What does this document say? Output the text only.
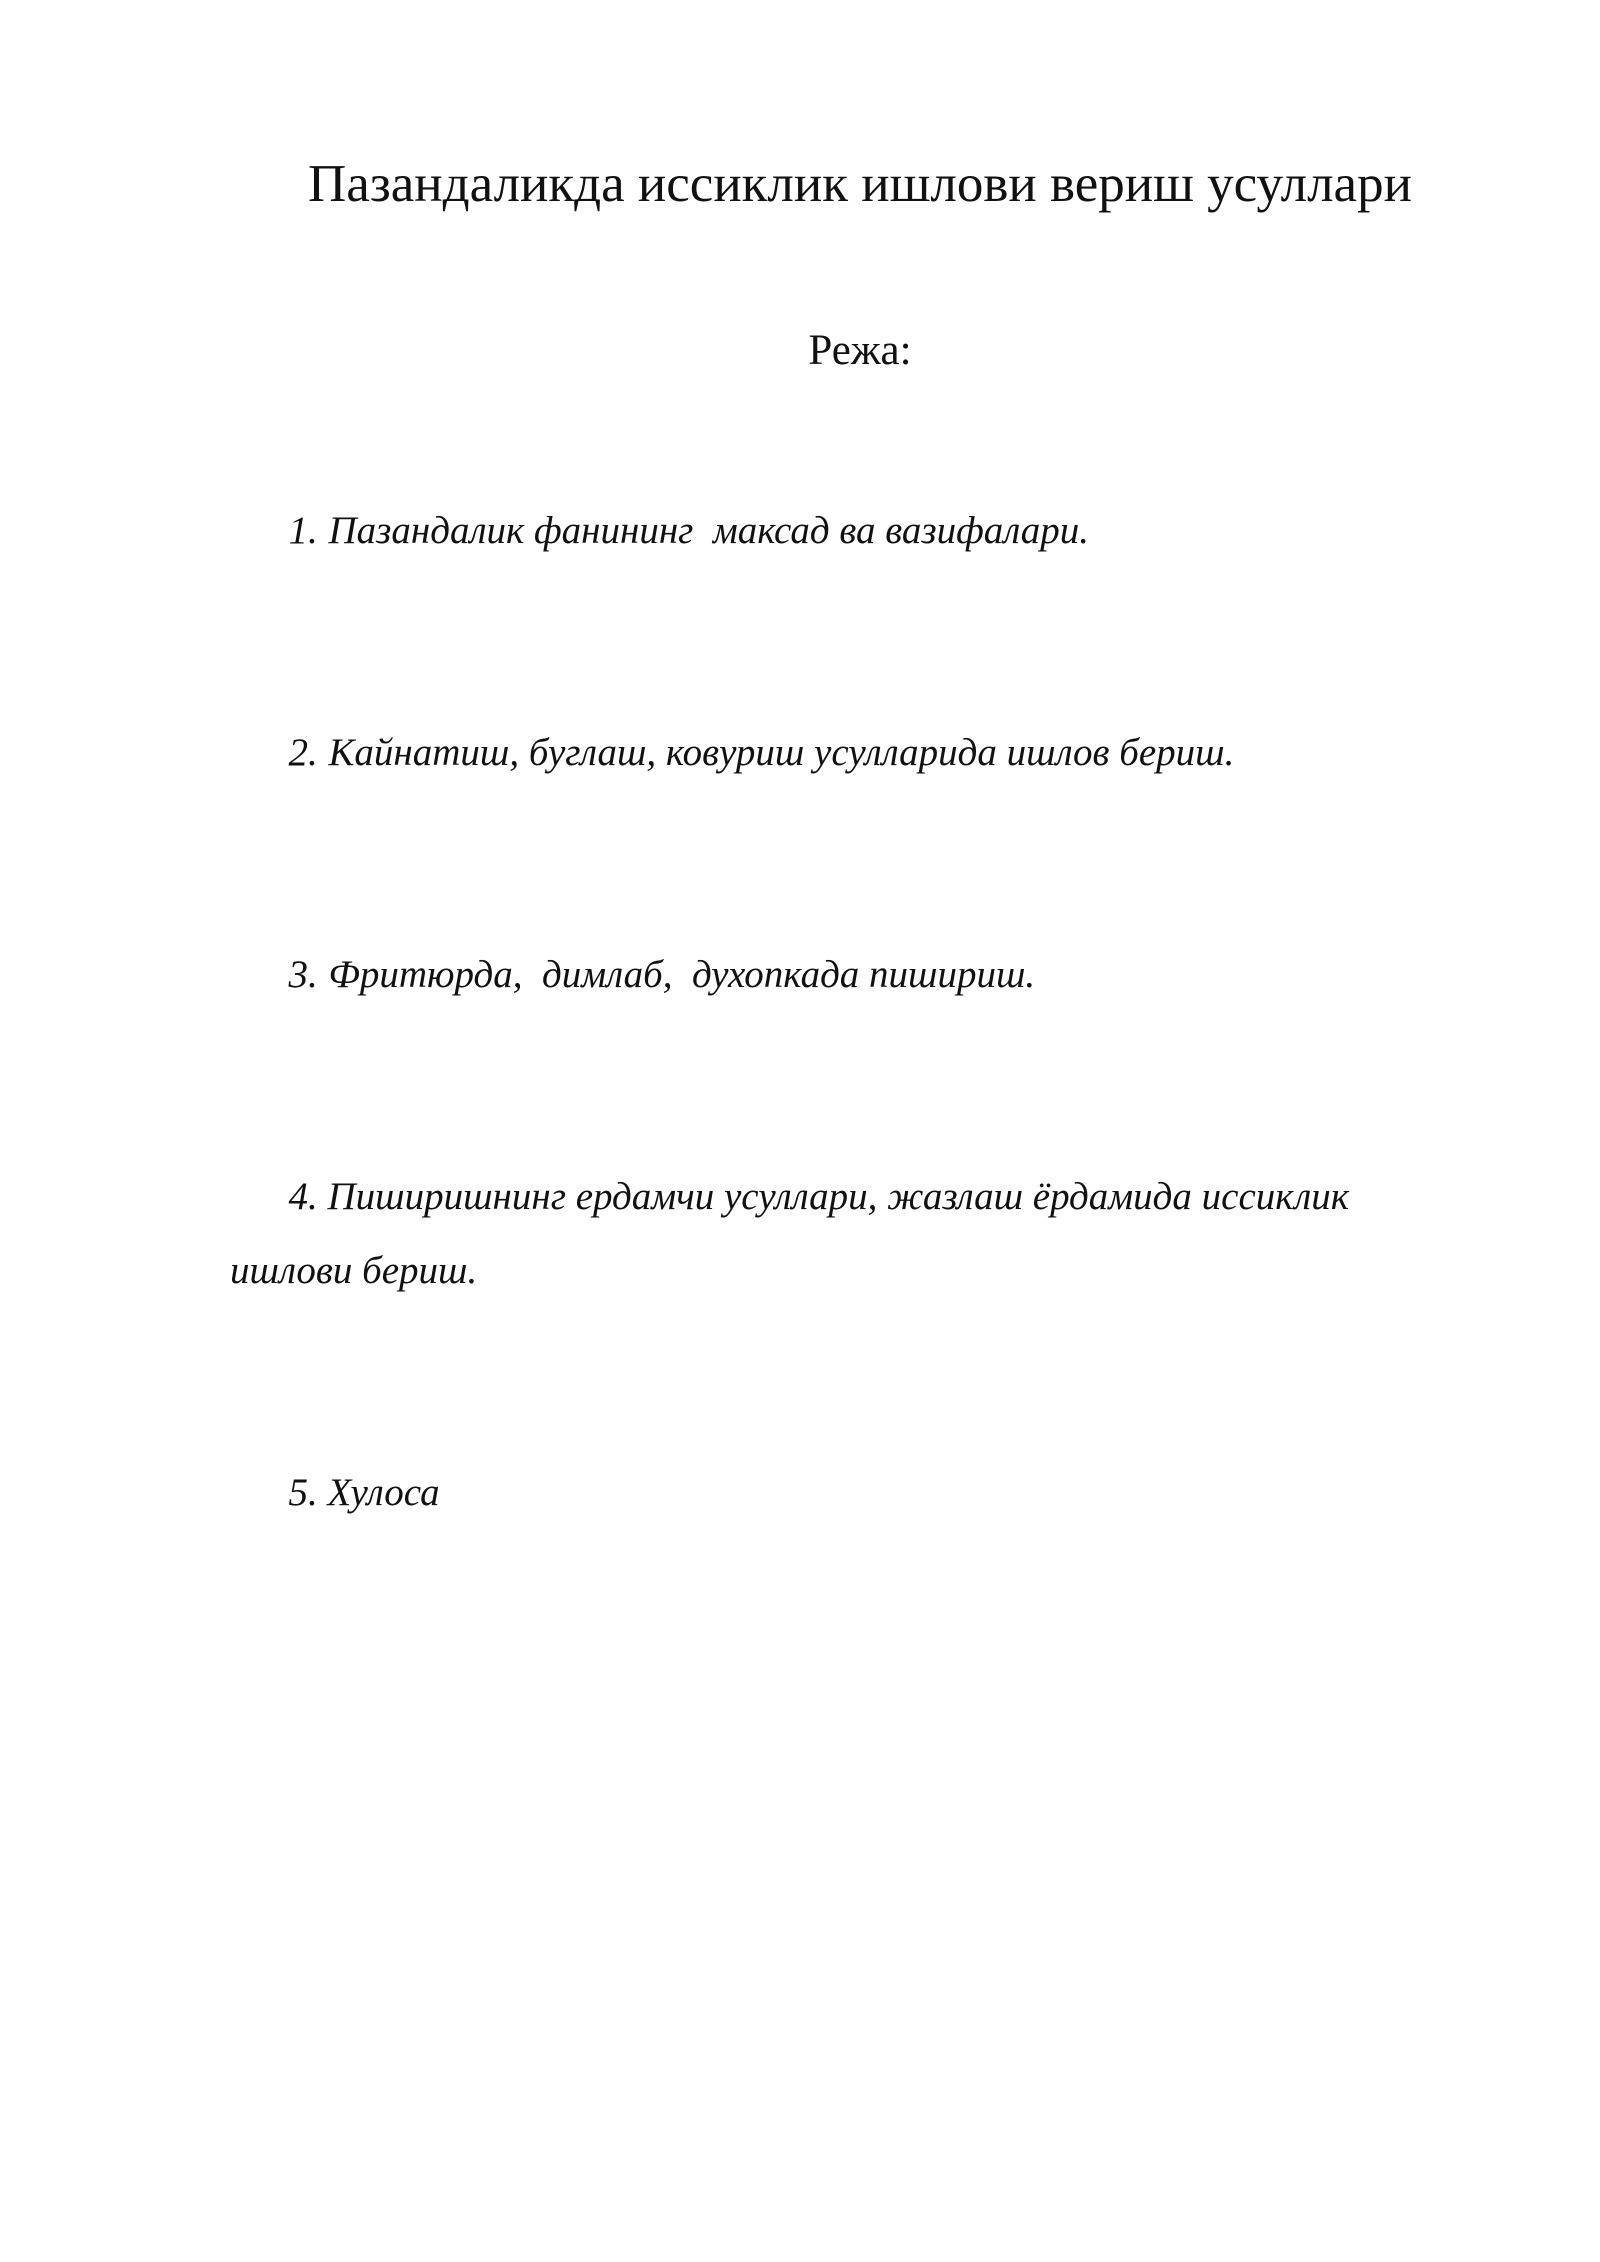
Пазандаликда иссиклик ишлови вериш усуллари
Режа:

1. Пазандалик фанининг  максад ва вазифалари.

2. Кайнатиш, буглаш, ковуриш усулларида ишлов бериш.

3. Фритюрда,  димлаб,  духопкада пишириш.

4. Пиширишнинг ердамчи усуллари, жазлаш ёрдамида иссиклик ишлови бериш.

5. Хулоса
